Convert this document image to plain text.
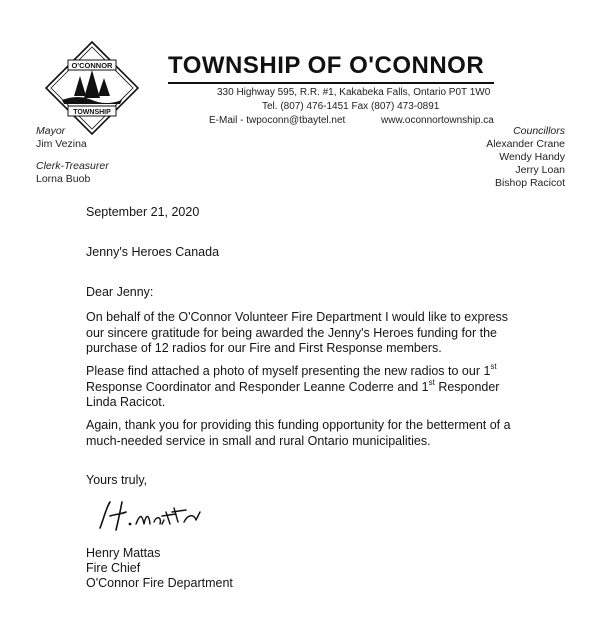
O'CONNOR
TOWNSHIP
TOWNSHIP OF O'CONNOR
330 Highway 595, R.R. #1, Kakabeka Falls, Ontario P0T 1W0
Tel. (807) 476-1451 Fax (807) 473-0891
E-Mail - twpoconn@tbaytel.net	www.oconnortownship.ca
Mayor
Jim Vezina
Clerk-Treasurer
Lorna Buob
Councillors
Alexander Crane
Wendy Handy
Jerry Loan
Bishop Racicot
September 21, 2020
Jenny's Heroes Canada
Dear Jenny:
On behalf of the O'Connor Volunteer Fire Department I would like to express
our sincere gratitude for being awarded the Jenny's Heroes funding for the
purchase of 12 radios for our Fire and First Response members.
Please find attached a photo of myself presenting the new radios to our 1st
Response Coordinator and Responder Leanne Coderre and 1st Responder
Linda Racicot.
Again, thank you for providing this funding opportunity for the betterment of a
much-needed service in small and rural Ontario municipalities.
Yours truly,
Henry Mattas
Fire Chief
O'Connor Fire Department
